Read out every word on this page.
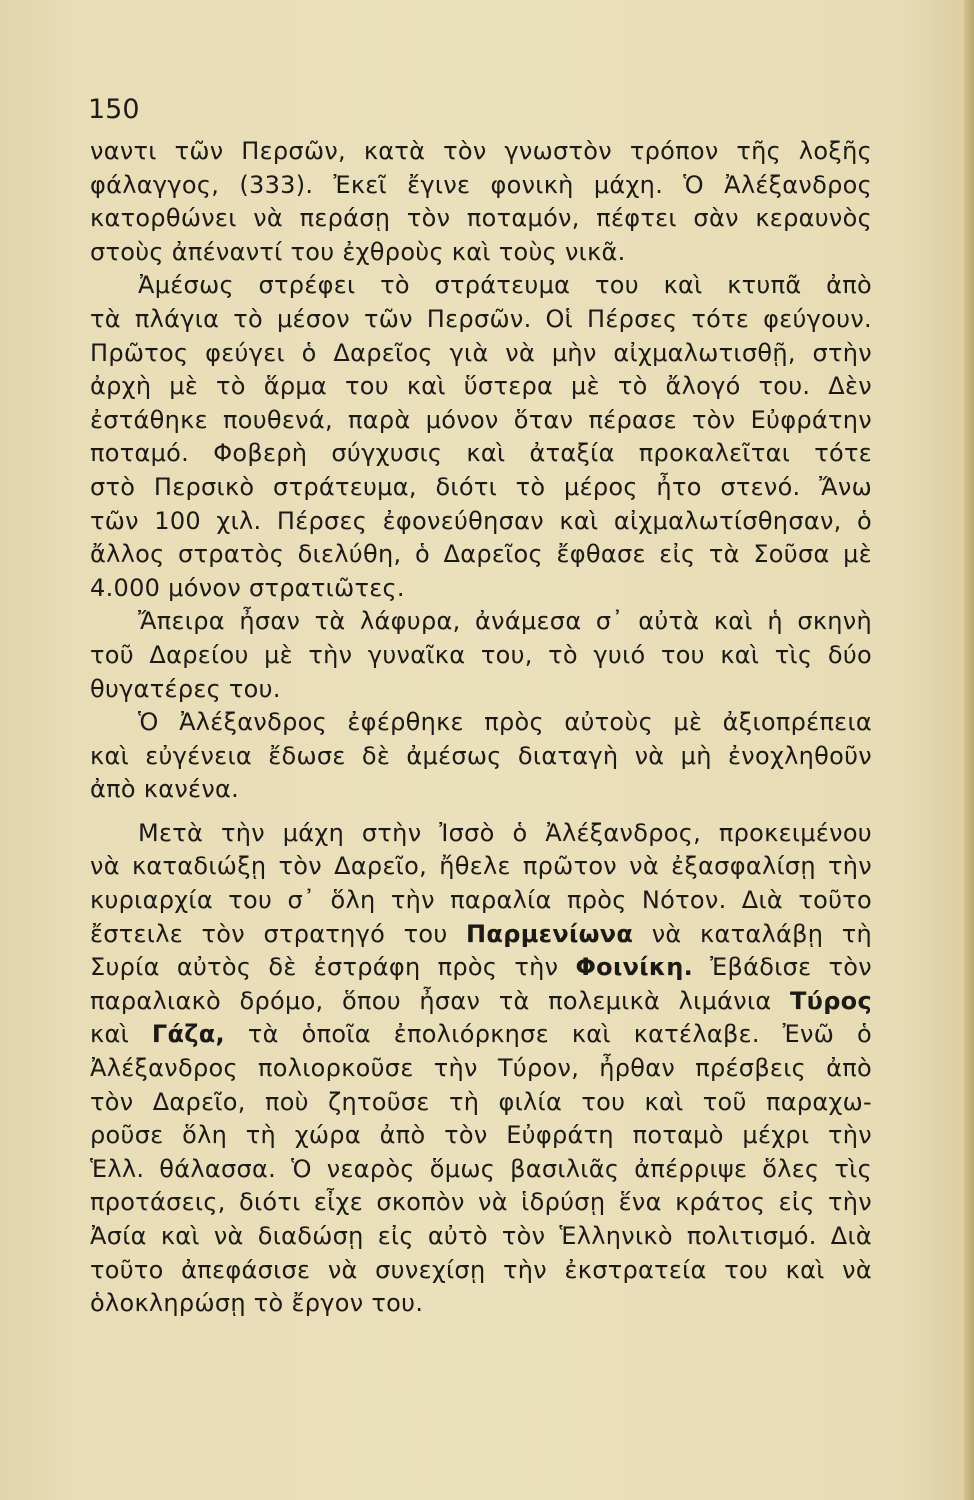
150
ναντι τῶν Περσῶν, κατὰ τὸν γνωστὸν τρόπον τῆς λοξῆς
φάλαγγος, (333). Ἐκεῖ ἔγινε φονικὴ μάχη. Ὁ Ἀλέξανδρος
κατορθώνει νὰ περάσῃ τὸν ποταμόν, πέφτει σὰν κεραυνὸς
στοὺς ἀπέναντί του ἐχθροὺς καὶ τοὺς νικᾶ.
Ἀμέσως στρέφει τὸ στράτευμα του καὶ κτυπᾶ ἀπὸ
τὰ πλάγια τὸ μέσον τῶν Περσῶν. Οἱ Πέρσες τότε φεύγουν.
Πρῶτος φεύγει ὁ Δαρεῖος γιὰ νὰ μὴν αἰχμαλωτισθῇ, στὴν
ἀρχὴ μὲ τὸ ἅρμα του καὶ ὕστερα μὲ τὸ ἄλογό του. Δὲν
ἐστάθηκε πουθενά, παρὰ μόνον ὅταν πέρασε τὸν Εὐφράτην
ποταμό. Φοβερὴ σύγχυσις καὶ ἀταξία προκαλεῖται τότε
στὸ Περσικὸ στράτευμα, διότι τὸ μέρος ἦτο στενό. Ἄνω
τῶν 100 χιλ. Πέρσες ἐφονεύθησαν καὶ αἰχμαλωτίσθησαν, ὁ
ἄλλος στρατὸς διελύθη, ὁ Δαρεῖος ἔφθασε εἰς τὰ Σοῦσα μὲ
4.000 μόνον στρατιῶτες.
Ἄπειρα ἦσαν τὰ λάφυρα, ἀνάμεσα σ᾽ αὐτὰ καὶ ἡ σκηνὴ
τοῦ Δαρείου μὲ τὴν γυναῖκα του, τὸ γυιό του καὶ τὶς δύο
θυγατέρες του.
Ὁ Ἀλέξανδρος ἐφέρθηκε πρὸς αὐτοὺς μὲ ἀξιοπρέπεια
καὶ εὐγένεια ἔδωσε δὲ ἀμέσως διαταγὴ νὰ μὴ ἐνοχληθοῦν
ἀπὸ κανένα.
Μετὰ τὴν μάχη στὴν Ἰσσὸ ὁ Ἀλέξανδρος, προκειμένου
νὰ καταδιώξῃ τὸν Δαρεῖο, ἤθελε πρῶτον νὰ ἐξασφαλίσῃ τὴν
κυριαρχία του σ᾽ ὅλη τὴν παραλία πρὸς Νότον. Διὰ τοῦτο
ἔστειλε τὸν στρατηγό του Παρμενίωνα νὰ καταλάβῃ τὴ
Συρία αὐτὸς δὲ ἐστράφη πρὸς τὴν Φοινίκη. Ἐβάδισε τὸν
παραλιακὸ δρόμο, ὅπου ἦσαν τὰ πολεμικὰ λιμάνια Τύρος
καὶ Γάζα, τὰ ὁποῖα ἐπολιόρκησε καὶ κατέλαβε. Ἐνῶ ὁ
Ἀλέξανδρος πολιορκοῦσε τὴν Τύρον, ἦρθαν πρέσβεις ἀπὸ
τὸν Δαρεῖο, ποὺ ζητοῦσε τὴ φιλία του καὶ τοῦ παραχω-
ροῦσε ὅλη τὴ χώρα ἀπὸ τὸν Εὐφράτη ποταμὸ μέχρι τὴν
Ἑλλ. θάλασσα. Ὁ νεαρὸς ὅμως βασιλιᾶς ἀπέρριψε ὅλες τὶς
προτάσεις, διότι εἶχε σκοπὸν νὰ ἱδρύσῃ ἕνα κράτος εἰς τὴν
Ἀσία καὶ νὰ διαδώσῃ εἰς αὐτὸ τὸν Ἑλληνικὸ πολιτισμό. Διὰ
τοῦτο ἀπεφάσισε νὰ συνεχίσῃ τὴν ἐκστρατεία του καὶ νὰ
ὁλοκληρώσῃ τὸ ἔργον του.
